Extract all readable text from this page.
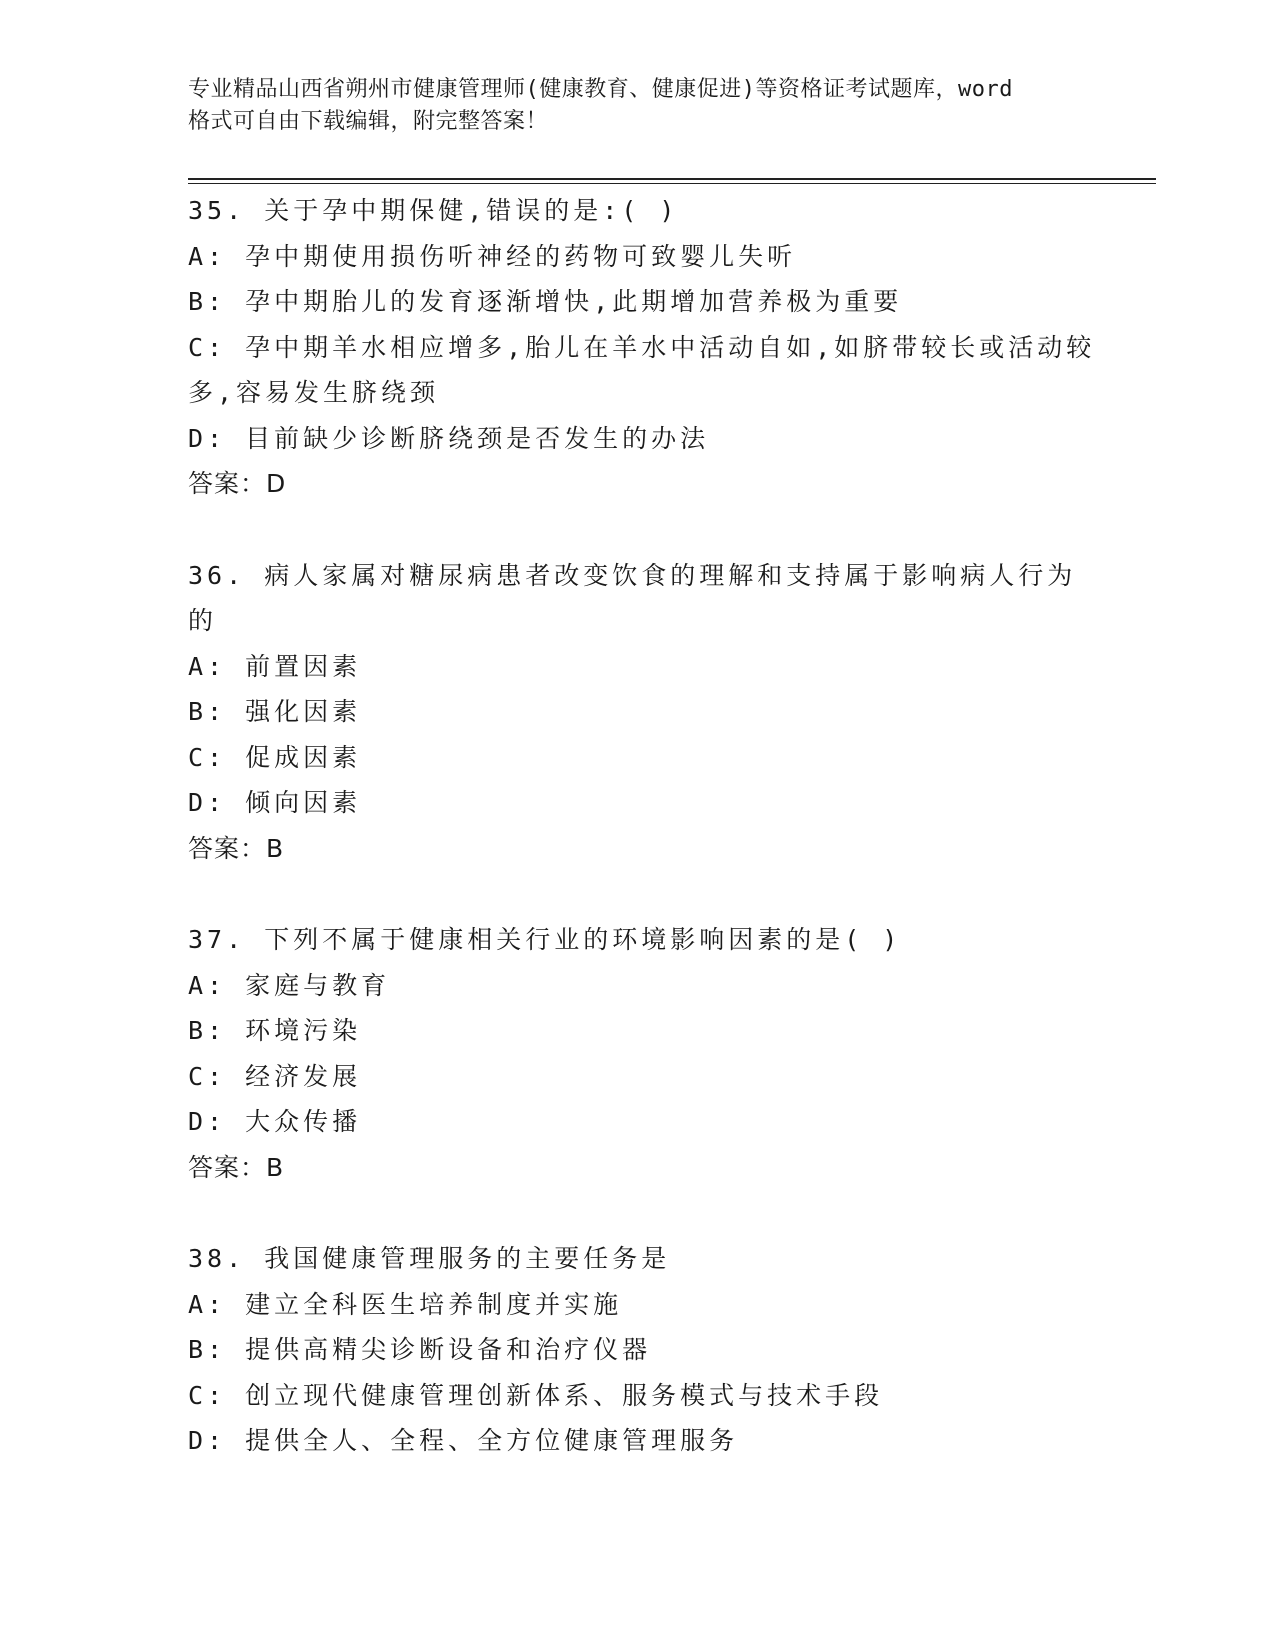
专业精品山西省朔州市健康管理师(健康教育、健康促进)等资格证考试题库，word
格式可自由下载编辑，附完整答案！
35. 关于孕中期保健,错误的是:( )
A: 孕中期使用损伤听神经的药物可致婴儿失听
B: 孕中期胎儿的发育逐渐增快,此期增加营养极为重要
C: 孕中期羊水相应增多,胎儿在羊水中活动自如,如脐带较长或活动较
多,容易发生脐绕颈
D: 目前缺少诊断脐绕颈是否发生的办法
答案：D
36. 病人家属对糖尿病患者改变饮食的理解和支持属于影响病人行为
的
A: 前置因素
B: 强化因素
C: 促成因素
D: 倾向因素
答案：B
37. 下列不属于健康相关行业的环境影响因素的是( )
A: 家庭与教育
B: 环境污染
C: 经济发展
D: 大众传播
答案：B
38. 我国健康管理服务的主要任务是
A: 建立全科医生培养制度并实施
B: 提供高精尖诊断设备和治疗仪器
C: 创立现代健康管理创新体系、服务模式与技术手段
D: 提供全人、全程、全方位健康管理服务
